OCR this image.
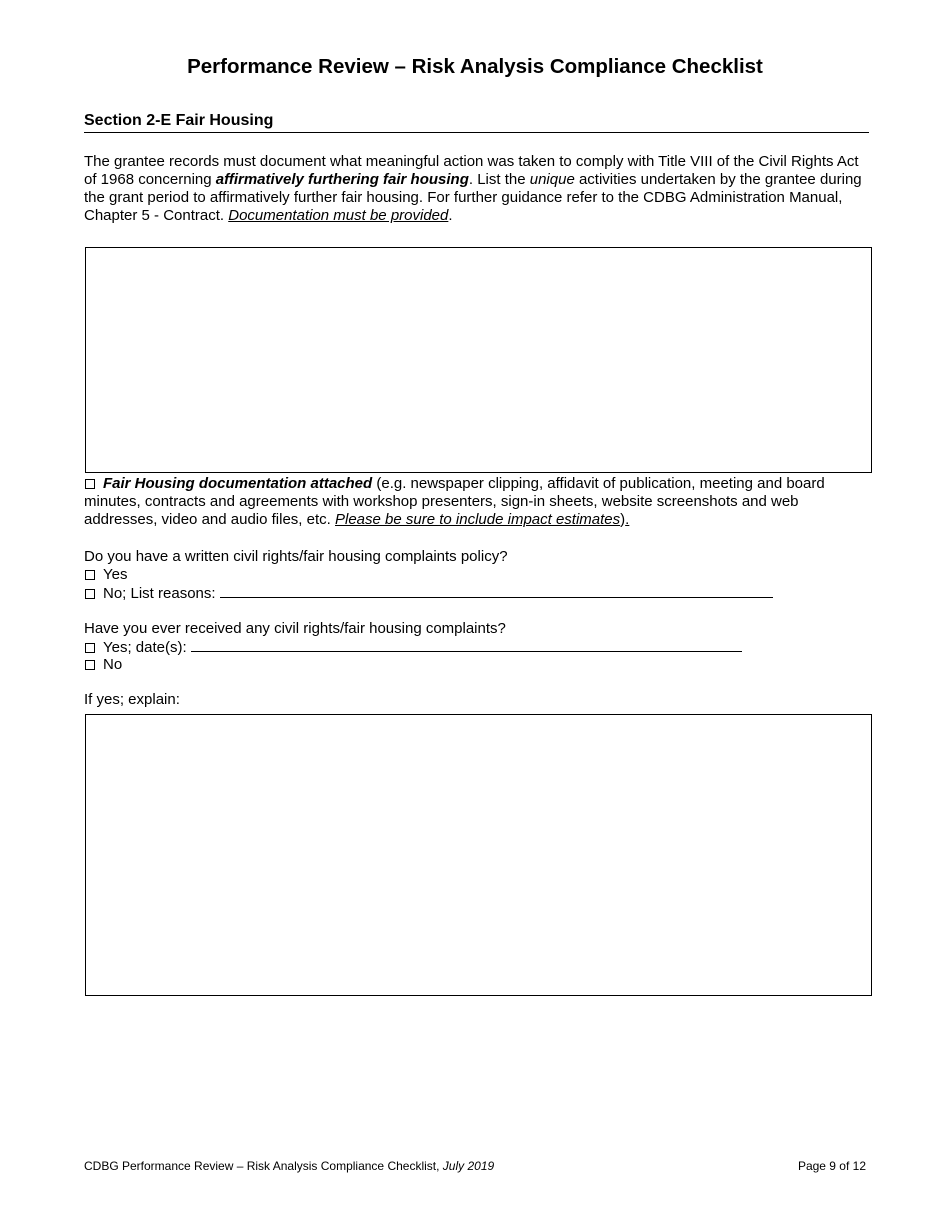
Performance Review – Risk Analysis Compliance Checklist
Section 2-E Fair Housing

The grantee records must document what meaningful action was taken to comply with Title VIII of the Civil Rights Act of 1968 concerning affirmatively furthering fair housing. List the unique activities undertaken by the grantee during the grant period to affirmatively further fair housing. For further guidance refer to the CDBG Administration Manual, Chapter 5 - Contract. Documentation must be provided.

Fair Housing documentation attached (e.g. newspaper clipping, affidavit of publication, meeting and board minutes, contracts and agreements with workshop presenters, sign-in sheets, website screenshots and web addresses, video and audio files, etc. Please be sure to include impact estimates).

Do you have a written civil rights/fair housing complaints policy?
Yes
No; List reasons:
Have you ever received any civil rights/fair housing complaints?
Yes; date(s):
No
If yes; explain:
CDBG Performance Review – Risk Analysis Compliance Checklist, July 2019	Page 9 of 12
